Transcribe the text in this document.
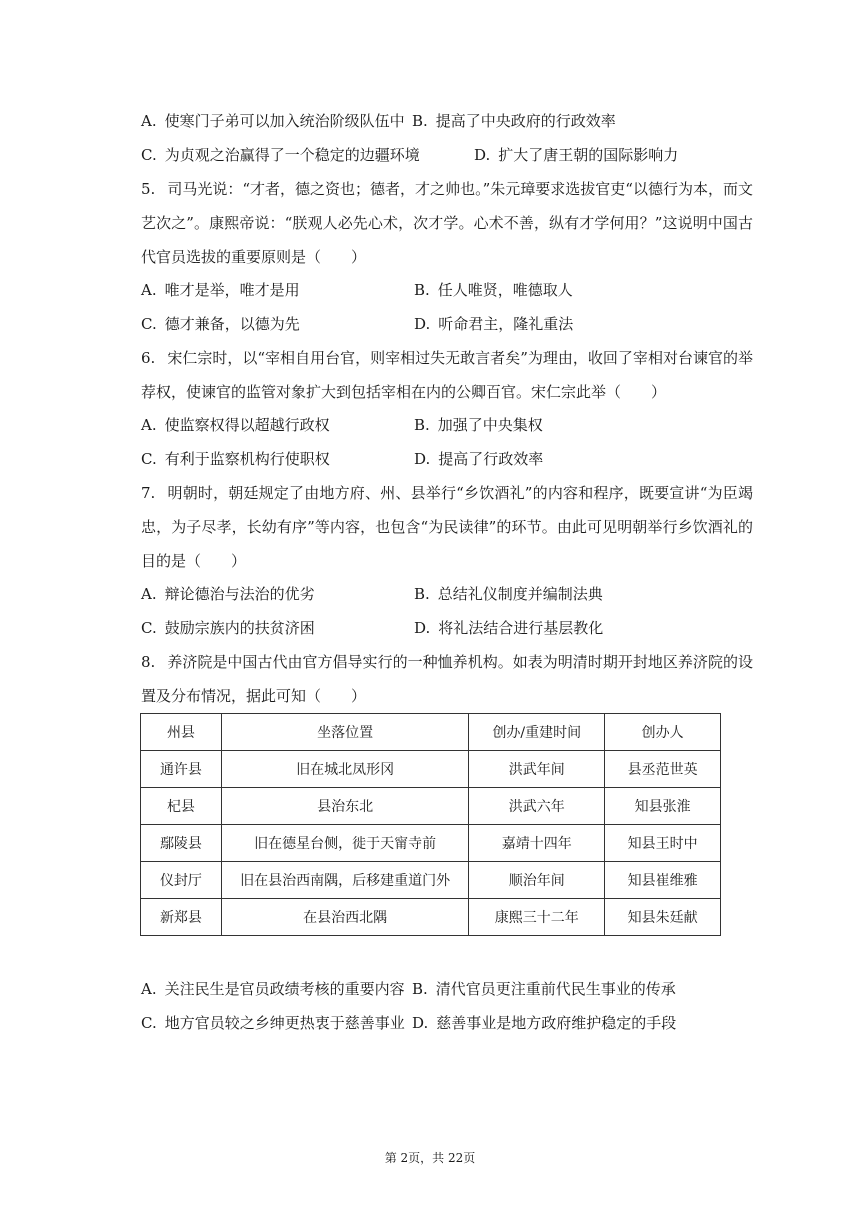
A. 使寒门子弟可以加入统治阶级队伍中 B. 提高了中央政府的行政效率
C. 为贞观之治赢得了一个稳定的边疆环境	D. 扩大了唐王朝的国际影响力
5. 司马光说：“才者，德之资也；德者，才之帅也。”朱元璋要求选拔官吏“以德行为本，而文艺次之”。康熙帝说：“朕观人必先心术，次才学。心术不善，纵有才学何用？”这说明中国古代官员选拔的重要原则是（　　）
A. 唯才是举，唯才是用	B. 任人唯贤，唯德取人
C. 德才兼备，以德为先	D. 听命君主，隆礼重法
6. 宋仁宗时，以“宰相自用台官，则宰相过失无敢言者矣”为理由，收回了宰相对台谏官的举荐权，使谏官的监管对象扩大到包括宰相在内的公卿百官。宋仁宗此举（　　）
A. 使监察权得以超越行政权	B. 加强了中央集权
C. 有利于监察机构行使职权	D. 提高了行政效率
7. 明朝时，朝廷规定了由地方府、州、县举行“乡饮酒礼”的内容和程序，既要宣讲“为臣竭忠，为子尽孝，长幼有序”等内容，也包含“为民读律”的环节。由此可见明朝举行乡饮酒礼的目的是（　　）
A. 辩论德治与法治的优劣	B. 总结礼仪制度并编制法典
C. 鼓励宗族内的扶贫济困	D. 将礼法结合进行基层教化
8. 养济院是中国古代由官方倡导实行的一种恤养机构。如表为明清时期开封地区养济院的设置及分布情况，据此可知（　　）
州县	坐落位置	创办/重建时间	创办人
通许县	旧在城北凤形冈	洪武年间	县丞范世英
杞县	县治东北	洪武六年	知县张淮
鄢陵县	旧在德星台侧，徙于天甯寺前	嘉靖十四年	知县王时中
仪封厅	旧在县治西南隅，后移建重道门外	顺治年间	知县崔维雅
新郑县	在县治西北隅	康熙三十二年	知县朱廷献
A. 关注民生是官员政绩考核的重要内容 B. 清代官员更注重前代民生事业的传承
C. 地方官员较之乡绅更热衷于慈善事业 D. 慈善事业是地方政府维护稳定的手段
第 2页，共 22页
